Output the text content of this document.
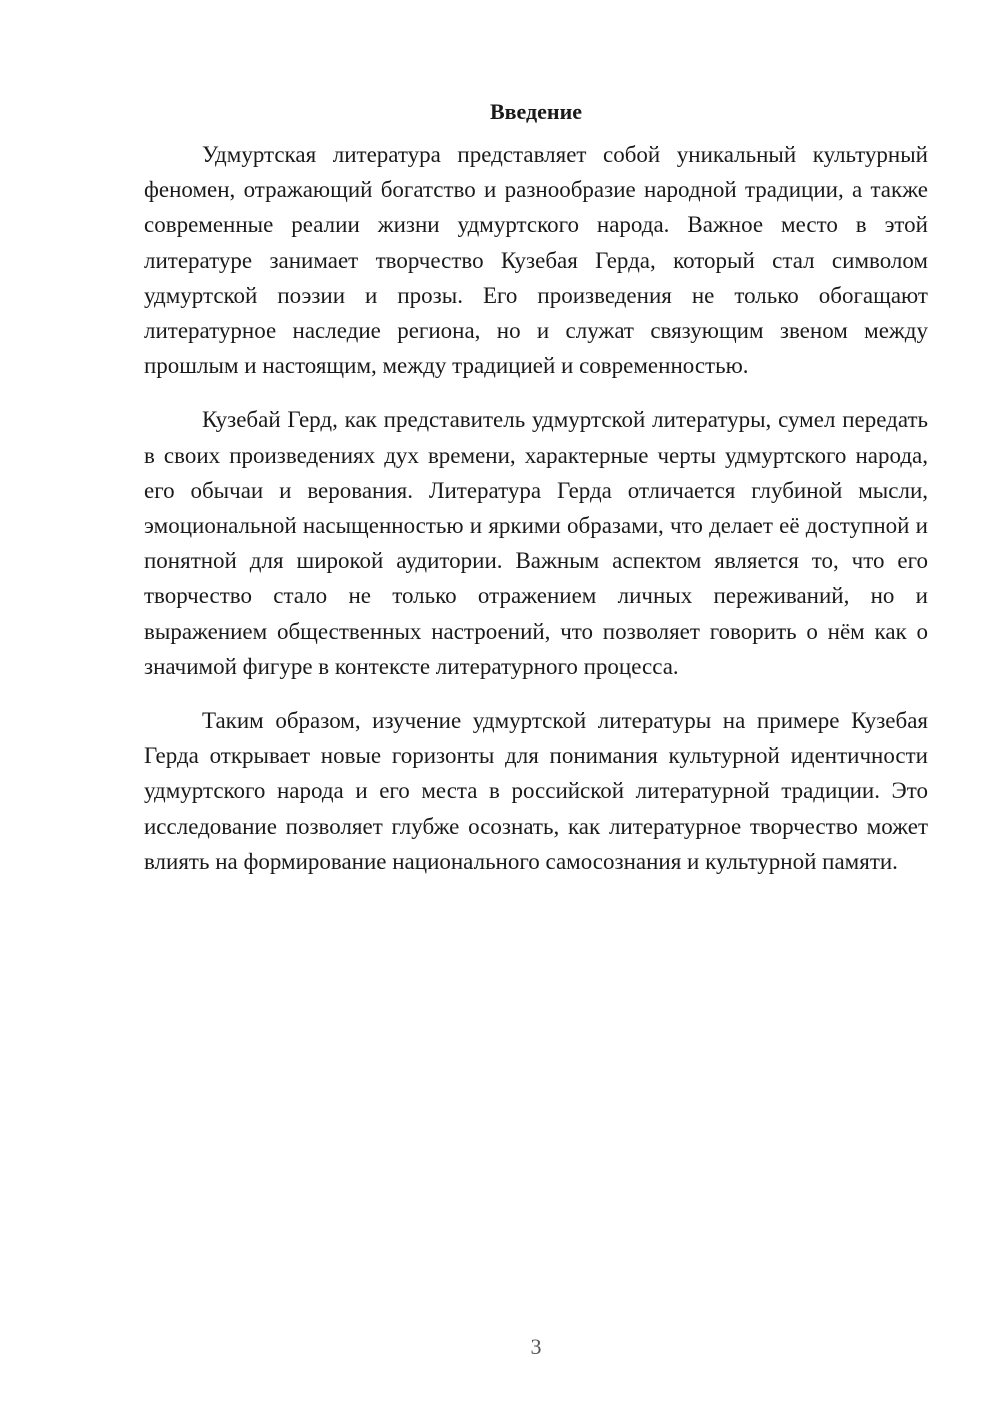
Введение

Удмуртская литература представляет собой уникальный культурный феномен, отражающий богатство и разнообразие народной традиции, а также современные реалии жизни удмуртского народа. Важное место в этой литературе занимает творчество Кузебая Герда, который стал символом удмуртской поэзии и прозы. Его произведения не только обогащают литературное наследие региона, но и служат связующим звеном между прошлым и настоящим, между традицией и современностью.

Кузебай Герд, как представитель удмуртской литературы, сумел передать в своих произведениях дух времени, характерные черты удмуртского народа, его обычаи и верования. Литература Герда отличается глубиной мысли, эмоциональной насыщенностью и яркими образами, что делает её доступной и понятной для широкой аудитории. Важным аспектом является то, что его творчество стало не только отражением личных переживаний, но и выражением общественных настроений, что позволяет говорить о нём как о значимой фигуре в контексте литературного процесса.

Таким образом, изучение удмуртской литературы на примере Кузебая Герда открывает новые горизонты для понимания культурной идентичности удмуртского народа и его места в российской литературной традиции. Это исследование позволяет глубже осознать, как литературное творчество может влиять на формирование национального самосознания и культурной памяти.

3
